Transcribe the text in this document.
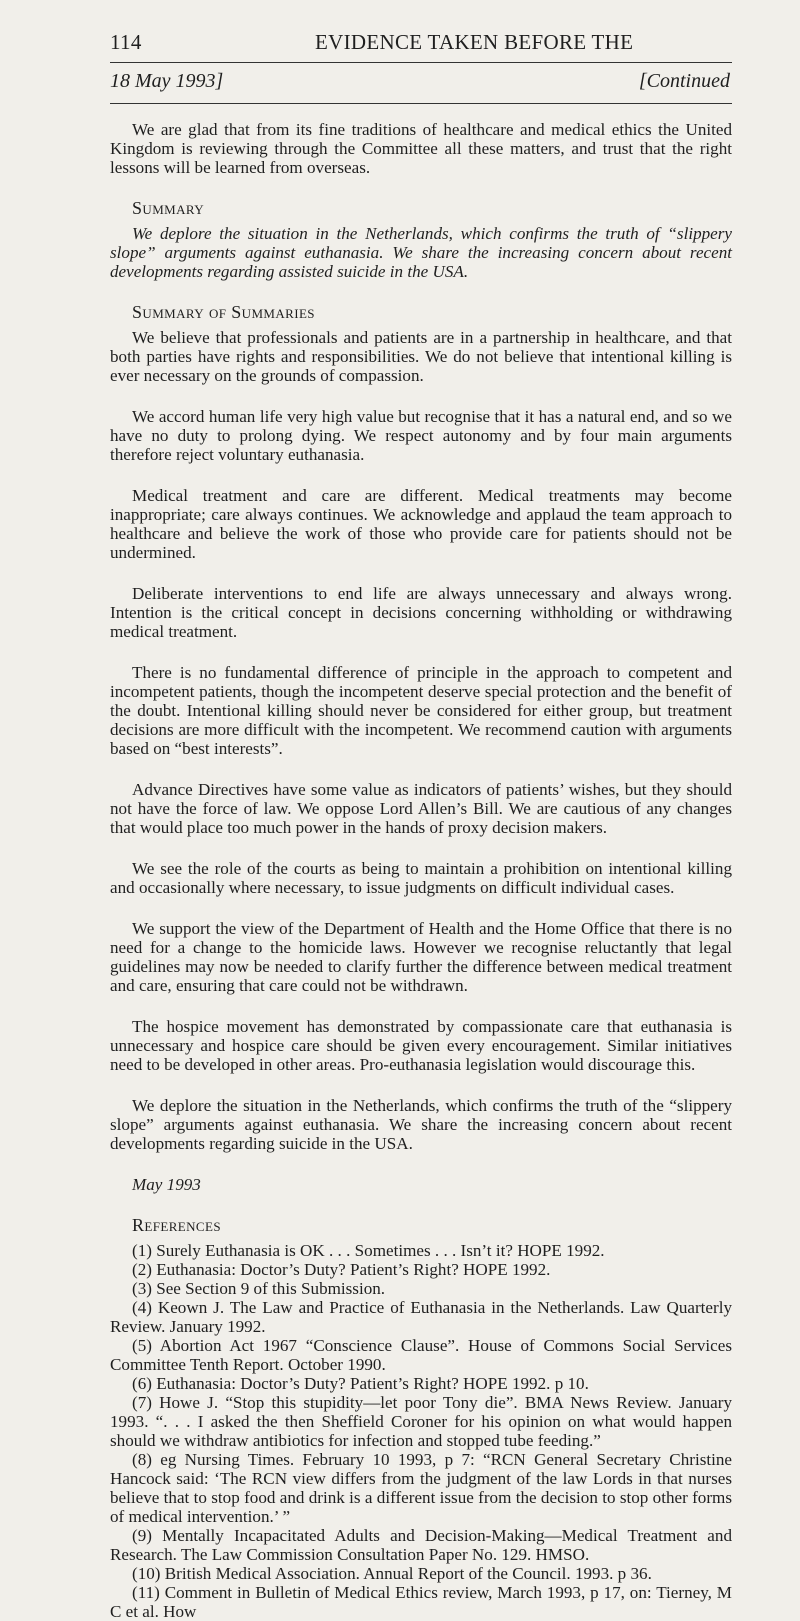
114	EVIDENCE TAKEN BEFORE THE
18 May 1993]	[Continued

We are glad that from its fine traditions of healthcare and medical ethics the United Kingdom is reviewing through the Committee all these matters, and trust that the right lessons will be learned from overseas.

Summary

We deplore the situation in the Netherlands, which confirms the truth of “slippery slope” arguments against euthanasia. We share the increasing concern about recent developments regarding assisted suicide in the USA.

Summary of Summaries

We believe that professionals and patients are in a partnership in healthcare, and that both parties have rights and responsibilities. We do not believe that intentional killing is ever necessary on the grounds of compassion.

We accord human life very high value but recognise that it has a natural end, and so we have no duty to prolong dying. We respect autonomy and by four main arguments therefore reject voluntary euthanasia.

Medical treatment and care are different. Medical treatments may become inappropriate; care always continues. We acknowledge and applaud the team approach to healthcare and believe the work of those who provide care for patients should not be undermined.

Deliberate interventions to end life are always unnecessary and always wrong. Intention is the critical concept in decisions concerning withholding or withdrawing medical treatment.

There is no fundamental difference of principle in the approach to competent and incompetent patients, though the incompetent deserve special protection and the benefit of the doubt. Intentional killing should never be considered for either group, but treatment decisions are more difficult with the incompetent. We recommend caution with arguments based on “best interests”.

Advance Directives have some value as indicators of patients’ wishes, but they should not have the force of law. We oppose Lord Allen’s Bill. We are cautious of any changes that would place too much power in the hands of proxy decision makers.

We see the role of the courts as being to maintain a prohibition on intentional killing and occasionally where necessary, to issue judgments on difficult individual cases.

We support the view of the Department of Health and the Home Office that there is no need for a change to the homicide laws. However we recognise reluctantly that legal guidelines may now be needed to clarify further the difference between medical treatment and care, ensuring that care could not be withdrawn.

The hospice movement has demonstrated by compassionate care that euthanasia is unnecessary and hospice care should be given every encouragement. Similar initiatives need to be developed in other areas. Pro-euthanasia legislation would discourage this.

We deplore the situation in the Netherlands, which confirms the truth of the “slippery slope” arguments against euthanasia. We share the increasing concern about recent developments regarding suicide in the USA.

May 1993

References

(1) Surely Euthanasia is OK . . . Sometimes . . . Isn’t it? HOPE 1992.

(2) Euthanasia: Doctor’s Duty? Patient’s Right? HOPE 1992.

(3) See Section 9 of this Submission.

(4) Keown J. The Law and Practice of Euthanasia in the Netherlands. Law Quarterly Review. January 1992.

(5) Abortion Act 1967 “Conscience Clause”. House of Commons Social Services Committee Tenth Report. October 1990.

(6) Euthanasia: Doctor’s Duty? Patient’s Right? HOPE 1992. p 10.

(7) Howe J. “Stop this stupidity—let poor Tony die”. BMA News Review. January 1993. “. . . I asked the then Sheffield Coroner for his opinion on what would happen should we withdraw antibiotics for infection and stopped tube feeding.”

(8) eg Nursing Times. February 10 1993, p 7: “RCN General Secretary Christine Hancock said: ‘The RCN view differs from the judgment of the law Lords in that nurses believe that to stop food and drink is a different issue from the decision to stop other forms of medical intervention.’ ”

(9) Mentally Incapacitated Adults and Decision-Making—Medical Treatment and Research. The Law Commission Consultation Paper No. 129. HMSO.

(10) British Medical Association. Annual Report of the Council. 1993. p 36.

(11) Comment in Bulletin of Medical Ethics review, March 1993, p 17, on: Tierney, M C et al. How
